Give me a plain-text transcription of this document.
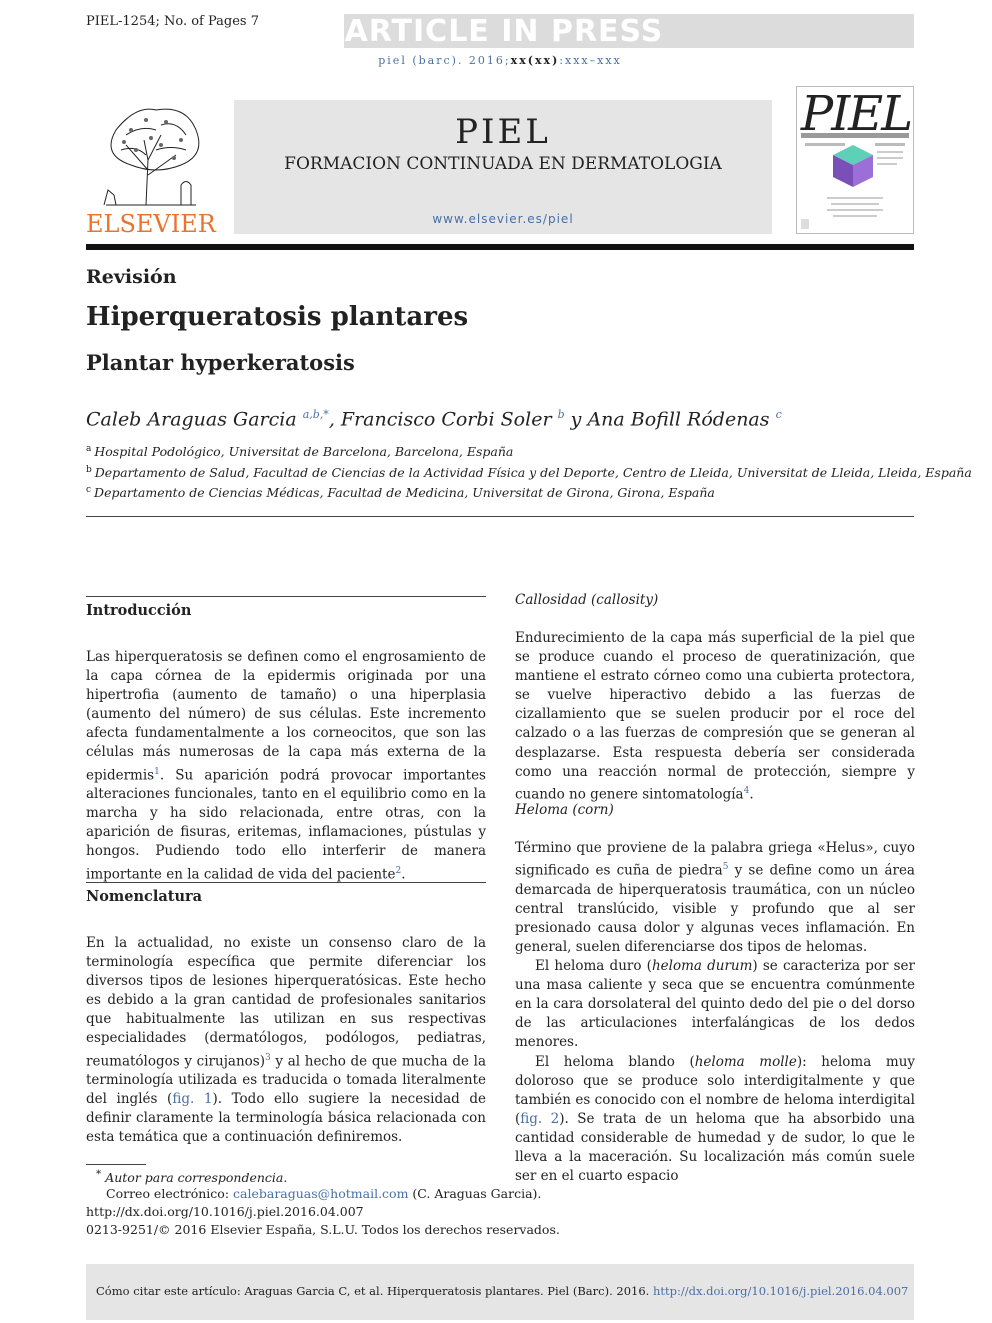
PIEL-1254; No. of Pages 7	ARTICLE IN PRESS
piel (barc). 2016;xx(xx):xxx–xxx
ELSEVIER
PIEL
FORMACION CONTINUADA EN DERMATOLOGIA
www.elsevier.es/piel
PIEL
Revisión
Hiperqueratosis plantares
Plantar hyperkeratosis
Caleb Araguas Garcia $^{a,b,*}$, Francisco Corbi Soler $^b$ y Ana Bofill Ródenas $^c$
$^a$ Hospital Podológico, Universitat de Barcelona, Barcelona, España
$^b$ Departamento de Salud, Facultad de Ciencias de la Actividad Física y del Deporte, Centro de Lleida, Universitat de Lleida, Lleida, España
$^c$ Departamento de Ciencias Médicas, Facultad de Medicina, Universitat de Girona, Girona, España
Introducción

Las hiperqueratosis se definen como el engrosamiento de la capa córnea de la epidermis originada por una hipertrofia (aumento de tamaño) o una hiperplasia (aumento del número) de sus células. Este incremento afecta fundamentalmente a los corneocitos, que son las células más numerosas de la capa más externa de la epidermis$^1$. Su aparición podrá provocar importantes alteraciones funcionales, tanto en el equilibrio como en la marcha y ha sido relacionada, entre otras, con la aparición de fisuras, eritemas, inflamaciones, pústulas y hongos. Pudiendo todo ello interferir de manera importante en la calidad de vida del paciente$^2$.

Nomenclatura

En la actualidad, no existe un consenso claro de la terminología específica que permite diferenciar los diversos tipos de lesiones hiperqueratósicas. Este hecho es debido a la gran cantidad de profesionales sanitarios que habitualmente las utilizan en sus respectivas especialidades (dermatólogos, podólogos, pediatras, reumatólogos y cirujanos)$^3$ y al hecho de que mucha de la terminología utilizada es traducida o tomada literalmente del inglés (fig. 1). Todo ello sugiere la necesidad de definir claramente la terminología básica relacionada con esta temática que a continuación definiremos.

Callosidad (callosity)

Endurecimiento de la capa más superficial de la piel que se produce cuando el proceso de queratinización, que mantiene el estrato córneo como una cubierta protectora, se vuelve hiperactivo debido a las fuerzas de cizallamiento que se suelen producir por el roce del calzado o a las fuerzas de compresión que se generan al desplazarse. Esta respuesta debería ser considerada como una reacción normal de protección, siempre y cuando no genere sintomatología$^4$.

Heloma (corn)

Término que proviene de la palabra griega «Helus», cuyo significado es cuña de piedra$^5$ y se define como un área demarcada de hiperqueratosis traumática, con un núcleo central translúcido, visible y profundo que al ser presionado causa dolor y algunas veces inflamación. En general, suelen diferenciarse dos tipos de helomas.

El heloma duro (heloma durum) se caracteriza por ser una masa caliente y seca que se encuentra comúnmente en la cara dorsolateral del quinto dedo del pie o del dorso de las articulaciones interfalángicas de los dedos menores.

El heloma blando (heloma molle): heloma muy doloroso que se produce solo interdigitalmente y que también es conocido con el nombre de heloma interdigital (fig. 2). Se trata de un heloma que ha absorbido una cantidad considerable de humedad y de sudor, lo que le lleva a la maceración. Su localización más común suele ser en el cuarto espacio

* Autor para correspondencia.
Correo electrónico: calebaraguas@hotmail.com (C. Araguas Garcia).
http://dx.doi.org/10.1016/j.piel.2016.04.007
0213-9251/© 2016 Elsevier España, S.L.U. Todos los derechos reservados.
Cómo citar este artículo: Araguas Garcia C, et al. Hiperqueratosis plantares. Piel (Barc). 2016. http://dx.doi.org/10.1016/j.piel.2016.04.007
